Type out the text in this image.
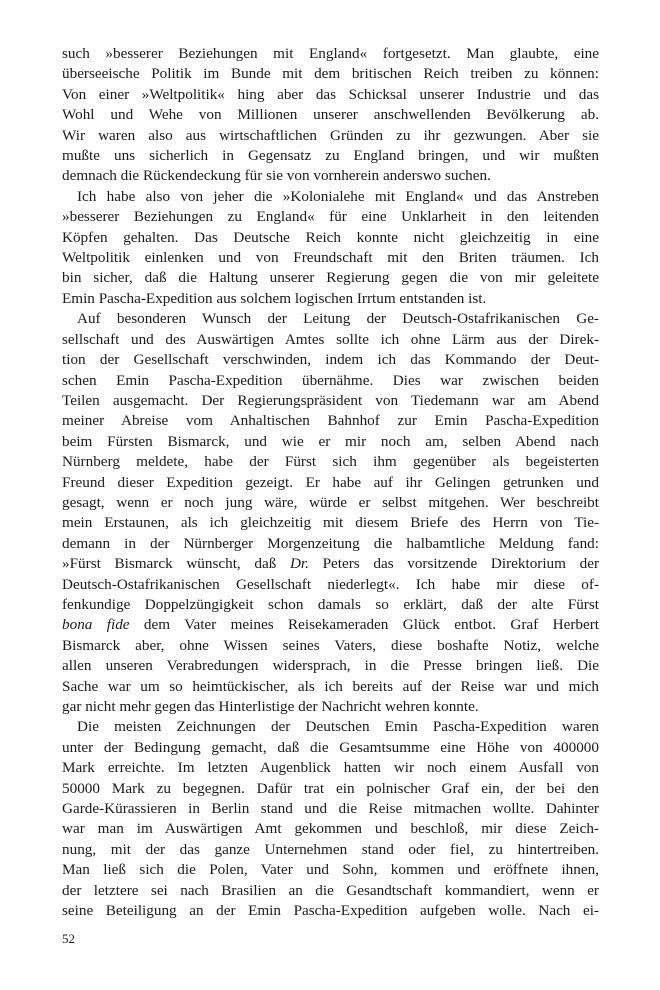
such »besserer Beziehungen mit England« fortgesetzt. Man glaubte, eine
überseeische Politik im Bunde mit dem britischen Reich treiben zu können:
Von einer »Weltpolitik« hing aber das Schicksal unserer Industrie und das
Wohl und Wehe von Millionen unserer anschwellenden Bevölkerung ab.
Wir waren also aus wirtschaftlichen Gründen zu ihr gezwungen. Aber sie
mußte uns sicherlich in Gegensatz zu England bringen, und wir mußten
demnach die Rückendeckung für sie von vornherein anderswo suchen.
Ich habe also von jeher die »Kolonialehe mit England« und das Anstreben
»besserer Beziehungen zu England« für eine Unklarheit in den leitenden
Köpfen gehalten. Das Deutsche Reich konnte nicht gleichzeitig in eine
Weltpolitik einlenken und von Freundschaft mit den Briten träumen. Ich
bin sicher, daß die Haltung unserer Regierung gegen die von mir geleitete
Emin Pascha-Expedition aus solchem logischen Irrtum entstanden ist.
Auf besonderen Wunsch der Leitung der Deutsch-Ostafrikanischen Ge-
sellschaft und des Auswärtigen Amtes sollte ich ohne Lärm aus der Direk-
tion der Gesellschaft verschwinden, indem ich das Kommando der Deut-
schen Emin Pascha-Expedition übernähme. Dies war zwischen beiden
Teilen ausgemacht. Der Regierungspräsident von Tiedemann war am Abend
meiner Abreise vom Anhaltischen Bahnhof zur Emin Pascha-Expedition
beim Fürsten Bismarck, und wie er mir noch am, selben Abend nach
Nürnberg meldete, habe der Fürst sich ihm gegenüber als begeisterten
Freund dieser Expedition gezeigt. Er habe auf ihr Gelingen getrunken und
gesagt, wenn er noch jung wäre, würde er selbst mitgehen. Wer beschreibt
mein Erstaunen, als ich gleichzeitig mit diesem Briefe des Herrn von Tie-
demann in der Nürnberger Morgenzeitung die halbamtliche Meldung fand:
»Fürst Bismarck wünscht, daß Dr. Peters das vorsitzende Direktorium der
Deutsch-Ostafrikanischen Gesellschaft niederlegt«. Ich habe mir diese of-
fenkundige Doppelzüngigkeit schon damals so erklärt, daß der alte Fürst
bona fide dem Vater meines Reisekameraden Glück entbot. Graf Herbert
Bismarck aber, ohne Wissen seines Vaters, diese boshafte Notiz, welche
allen unseren Verabredungen widersprach, in die Presse bringen ließ. Die
Sache war um so heimtückischer, als ich bereits auf der Reise war und mich
gar nicht mehr gegen das Hinterlistige der Nachricht wehren konnte.
Die meisten Zeichnungen der Deutschen Emin Pascha-Expedition waren
unter der Bedingung gemacht, daß die Gesamtsumme eine Höhe von 400000
Mark erreichte. Im letzten Augenblick hatten wir noch einem Ausfall von
50000 Mark zu begegnen. Dafür trat ein polnischer Graf ein, der bei den
Garde-Kürassieren in Berlin stand und die Reise mitmachen wollte. Dahinter
war man im Auswärtigen Amt gekommen und beschloß, mir diese Zeich-
nung, mit der das ganze Unternehmen stand oder fiel, zu hintertreiben.
Man ließ sich die Polen, Vater und Sohn, kommen und eröffnete ihnen,
der letztere sei nach Brasilien an die Gesandtschaft kommandiert, wenn er
seine Beteiligung an der Emin Pascha-Expedition aufgeben wolle. Nach ei-
52
